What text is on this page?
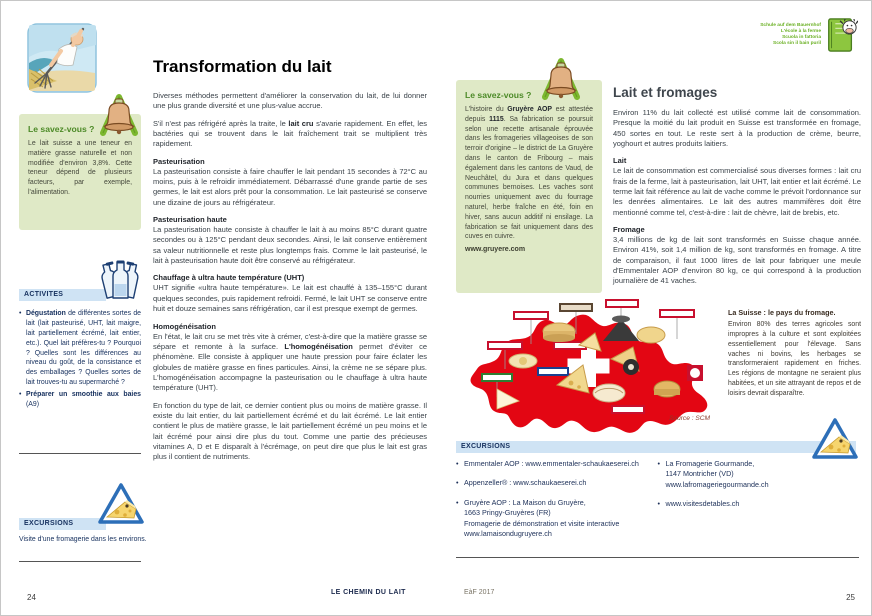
Transformation du lait

Diverses méthodes permettent d'améliorer la conservation du lait, de lui donner une plus grande diversité et une plus-value accrue.

S'il n'est pas réfrigéré après la traite, le lait cru s'avarie rapidement. En effet, les bactéries qui se trouvent dans le lait fraîchement trait se multiplient très rapidement.

Pasteurisation

La pasteurisation consiste à faire chauffer le lait pendant 15 secondes à 72°C au moins, puis à le refroidir immédiatement. Débarrassé d'une grande partie de ses germes, le lait est alors prêt pour la consommation. Le lait pasteurisé se conserve une dizaine de jours au réfrigérateur.

Pasteurisation haute

La pasteurisation haute consiste à chauffer le lait à au moins 85°C durant quatre secondes ou à 125°C pendant deux secondes. Ainsi, le lait conserve entièrement sa valeur nutritionnelle et reste plus longtemps frais. Comme le lait pasteurisé, le lait à pasteurisation haute doit être conservé au réfrigérateur.

Chauffage à ultra haute température (UHT)

UHT signifie «ultra haute température». Le lait est chauffé à 135–155°C durant quelques secondes, puis rapidement refroidi. Fermé, le lait UHT se conserve entre huit et douze semaines sans réfrigération, car il est presque exempt de germes.

Homogénéisation

En l'état, le lait cru se met très vite à crémer, c'est-à-dire que la matière grasse se sépare et remonte à la surface. L'homogénéisation permet d'éviter ce phénomène. Elle consiste à appliquer une haute pression pour faire éclater les globules de matière grasse en fines particules. Ainsi, la crème ne se sépare plus. L'homogénéisation accompagne la pasteurisation ou le chauffage à ultra haute température (UHT).

En fonction du type de lait, ce dernier contient plus ou moins de matière grasse. Il existe du lait entier, du lait partiellement écrémé et du lait écrémé. Le lait entier contient le plus de matière grasse, le lait partiellement écrémé un peu moins et le lait écrémé pour ainsi dire plus du tout. Comme une partie des précieuses vitamines A, D et E disparaît à l'écrémage, on peut dire que plus le lait est gras plus il contient de nutriments.

Le savez-vous ?

Le lait suisse a une teneur en matière grasse naturelle et non modifiée d'environ 3,8%. Cette teneur dépend de plusieurs facteurs, par exemple, l'alimentation.

ACTIVITES
• Dégustation de différentes sortes de lait (lait pasteurisé, UHT, lait maigre, lait partiellement écrémé, lait entier, etc.). Quel lait préfères-tu ? Pourquoi ? Quelles sont les différences au niveau du goût, de la consistance et des emballages ? Quelles sortes de lait trouves-tu au supermarché ?
• Préparer un smoothie aux baies (A9)
EXCURSIONS

Visite d'une fromagerie dans les environs.

24
LE CHEMIN DU LAIT
Schule auf dem Bauernhof
L'école à la ferme
Scuola in fattoria
Scola sin il bain puril
Le savez-vous ?

L'histoire du Gruyère AOP est attestée depuis 1115. Sa fabrication se poursuit selon une recette artisanale éprouvée dans les fromageries villageoises de son terroir d'origine – le district de La Gruyère dans le canton de Fribourg – mais également dans les cantons de Vaud, de Neuchâtel, du Jura et dans quelques communes bernoises. Les vaches sont nourries uniquement avec du fourrage naturel, herbe fraîche en été, foin en hiver, sans aucun additif ni ensilage. La fabrication se fait uniquement dans des cuves en cuivre.

www.gruyere.com
Lait et fromages

Environ 11% du lait collecté est utilisé comme lait de consommation. Presque la moitié du lait produit en Suisse est transformée en fromage, 450 sortes en tout. Le reste sert à la production de crème, beurre, yoghourt et autres produits laitiers.

Lait

Le lait de consommation est commercialisé sous diverses formes : lait cru frais de la ferme, lait à pasteurisation, lait UHT, lait entier et lait écrémé. Le terme lait fait référence au lait de vache comme le prévoit l'ordonnance sur les denrées alimentaires. Le lait des autres mammifères doit être mentionné comme tel, c'est-à-dire : lait de chèvre, lait de brebis, etc.

Fromage

3,4 millions de kg de lait sont transformés en Suisse chaque année. Environ 41%, soit 1,4 million de kg, sont transformés en fromage. A titre de comparaison, il faut 1000 litres de lait pour fabriquer une meule d'Emmentaler AOP d'environ 80 kg, ce qui correspond à la production journalière de 41 vaches.

Source : SCM
La Suisse : le pays du fromage.

Environ 80% des terres agricoles sont impropres à la culture et sont exploitées essentiellement pour l'élevage. Sans vaches ni bovins, les herbages se transformeraient rapidement en friches. Les régions de montagne ne seraient plus habitées, et un site attrayant de repos et de loisirs devrait disparaître.

EXCURSIONS
• Emmentaler AOP : www.emmentaler-schaukaeserei.ch
• Appenzeller® : www.schaukaeserei.ch
• Gruyère AOP : La Maison du Gruyère,
1663 Pringy-Gruyères (FR)
Fromagerie de démonstration et visite interactive
www.lamaisondugruyere.ch
• La Fromagerie Gourmande,
1147 Montricher (VD)
www.lafromageriegourmande.ch
• www.visitesdetables.ch
EàF 2017
25
